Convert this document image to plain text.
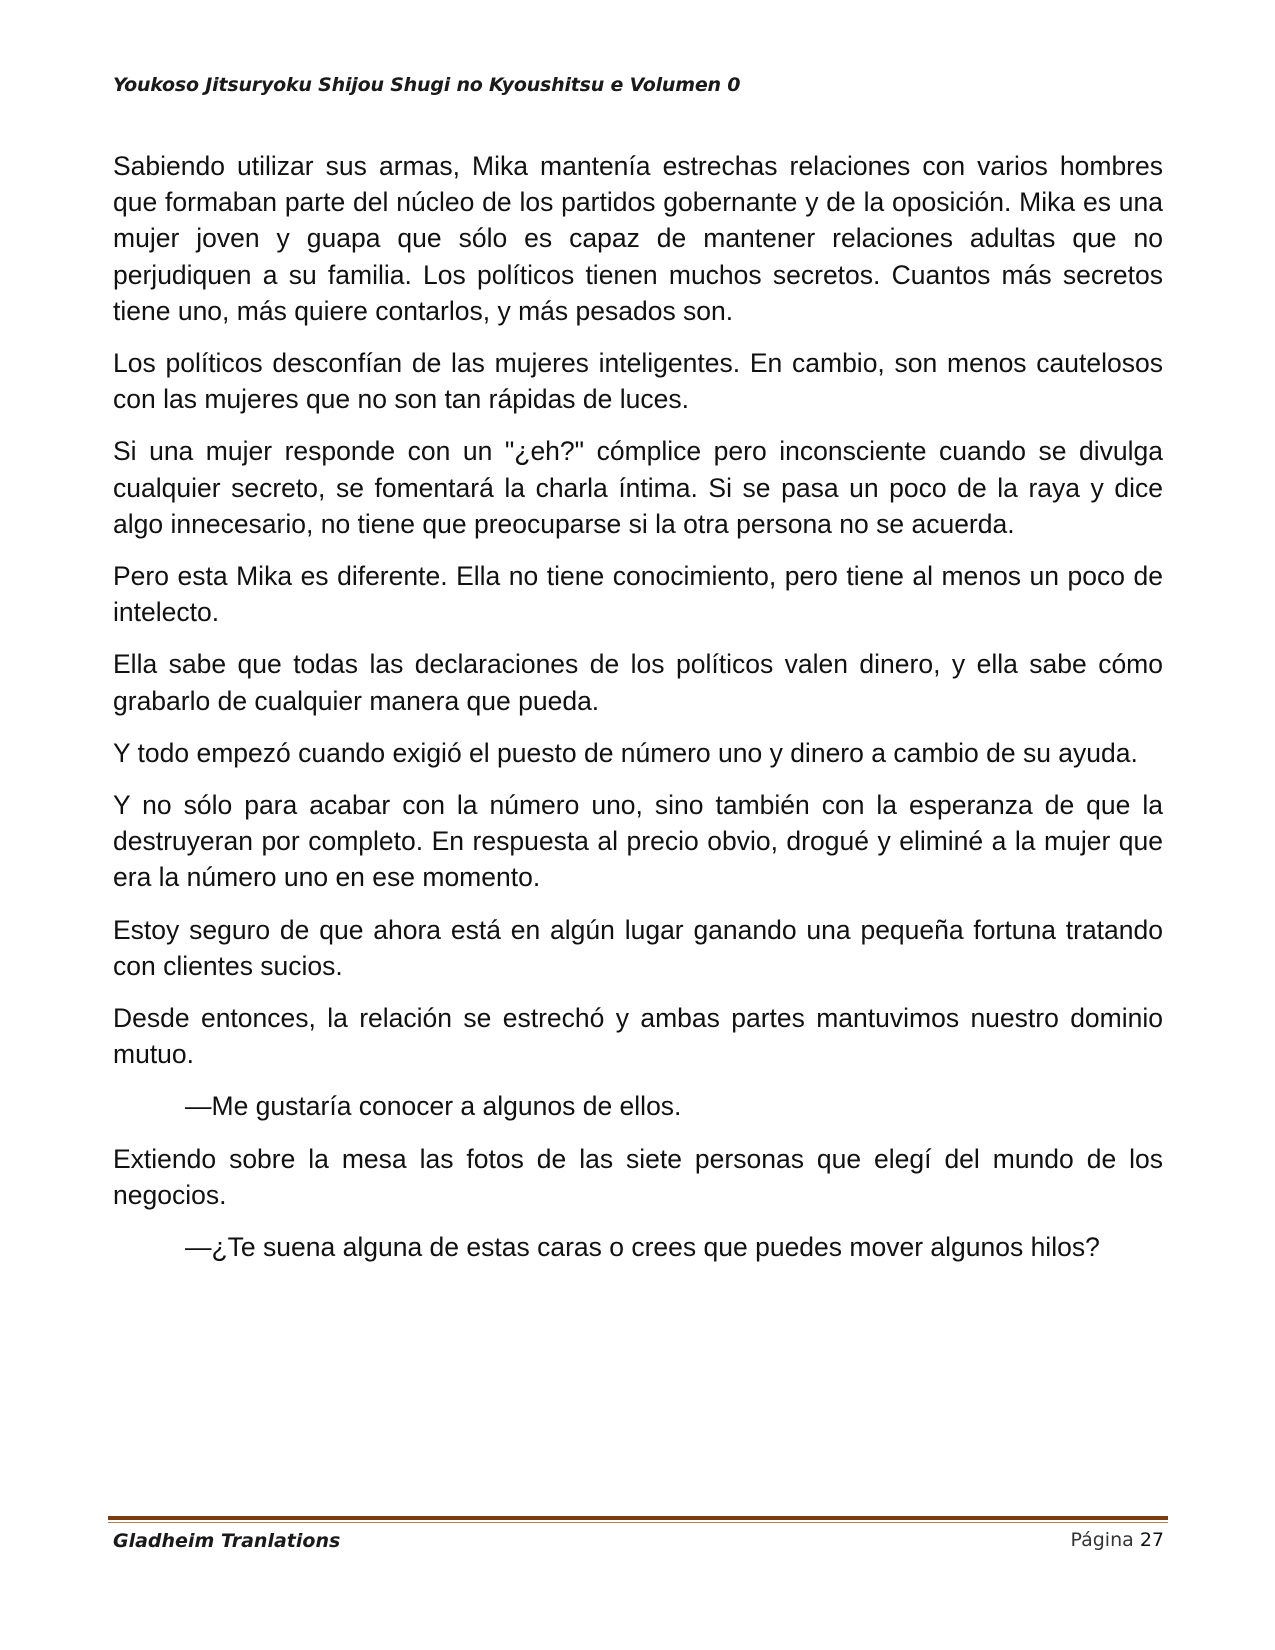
Youkoso Jitsuryoku Shijou Shugi no Kyoushitsu e Volumen 0

Sabiendo utilizar sus armas, Mika mantenía estrechas relaciones con varios hombres que formaban parte del núcleo de los partidos gobernante y de la oposición. Mika es una mujer joven y guapa que sólo es capaz de mantener relaciones adultas que no perjudiquen a su familia. Los políticos tienen muchos secretos. Cuantos más secretos tiene uno, más quiere contarlos, y más pesados son.

Los políticos desconfían de las mujeres inteligentes. En cambio, son menos cautelosos con las mujeres que no son tan rápidas de luces.

Si una mujer responde con un "¿eh?" cómplice pero inconsciente cuando se divulga cualquier secreto, se fomentará la charla íntima. Si se pasa un poco de la raya y dice algo innecesario, no tiene que preocuparse si la otra persona no se acuerda.

Pero esta Mika es diferente. Ella no tiene conocimiento, pero tiene al menos un poco de intelecto.

Ella sabe que todas las declaraciones de los políticos valen dinero, y ella sabe cómo grabarlo de cualquier manera que pueda.

Y todo empezó cuando exigió el puesto de número uno y dinero a cambio de su ayuda.

Y no sólo para acabar con la número uno, sino también con la esperanza de que la destruyeran por completo. En respuesta al precio obvio, drogué y eliminé a la mujer que era la número uno en ese momento.

Estoy seguro de que ahora está en algún lugar ganando una pequeña fortuna tratando con clientes sucios.

Desde entonces, la relación se estrechó y ambas partes mantuvimos nuestro dominio mutuo.

—Me gustaría conocer a algunos de ellos.

Extiendo sobre la mesa las fotos de las siete personas que elegí del mundo de los negocios.

—¿Te suena alguna de estas caras o crees que puedes mover algunos hilos?

Gladheim Tranlations	Página 27
